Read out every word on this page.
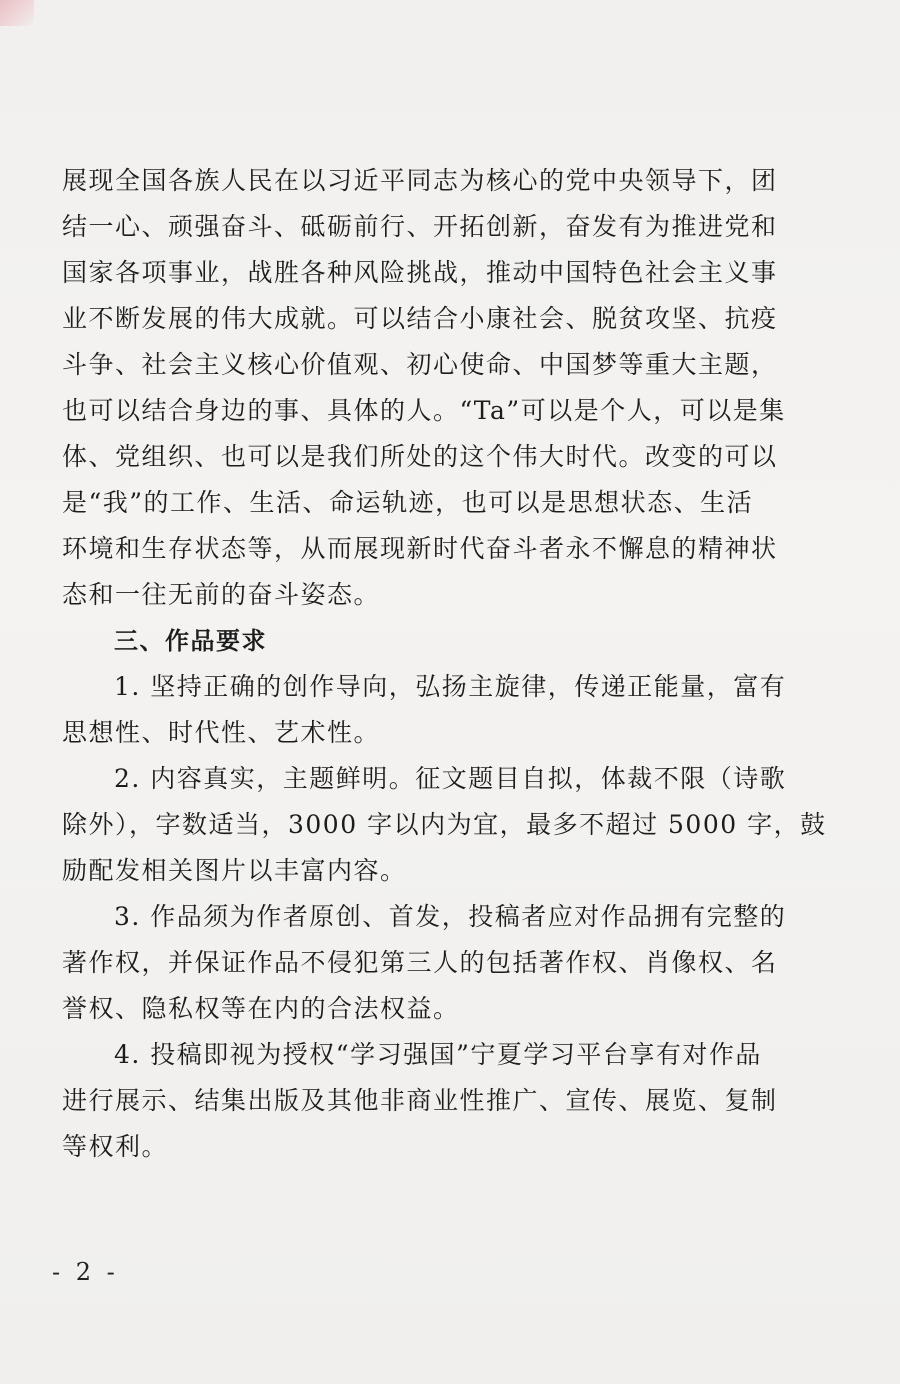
展现全国各族人民在以习近平同志为核心的党中央领导下，团
结一心、顽强奋斗、砥砺前行、开拓创新，奋发有为推进党和
国家各项事业，战胜各种风险挑战，推动中国特色社会主义事
业不断发展的伟大成就。可以结合小康社会、脱贫攻坚、抗疫
斗争、社会主义核心价值观、初心使命、中国梦等重大主题，
也可以结合身边的事、具体的人。“Ta”可以是个人，可以是集
体、党组织、也可以是我们所处的这个伟大时代。改变的可以
是“我”的工作、生活、命运轨迹，也可以是思想状态、生活
环境和生存状态等，从而展现新时代奋斗者永不懈息的精神状
态和一往无前的奋斗姿态。
三、作品要求
1. 坚持正确的创作导向，弘扬主旋律，传递正能量，富有
思想性、时代性、艺术性。
2. 内容真实，主题鲜明。征文题目自拟，体裁不限（诗歌
除外），字数适当，3000 字以内为宜，最多不超过 5000 字，鼓
励配发相关图片以丰富内容。
3. 作品须为作者原创、首发，投稿者应对作品拥有完整的
著作权，并保证作品不侵犯第三人的包括著作权、肖像权、名
誉权、隐私权等在内的合法权益。
4. 投稿即视为授权“学习强国”宁夏学习平台享有对作品
进行展示、结集出版及其他非商业性推广、宣传、展览、复制
等权利。
- 2 -
